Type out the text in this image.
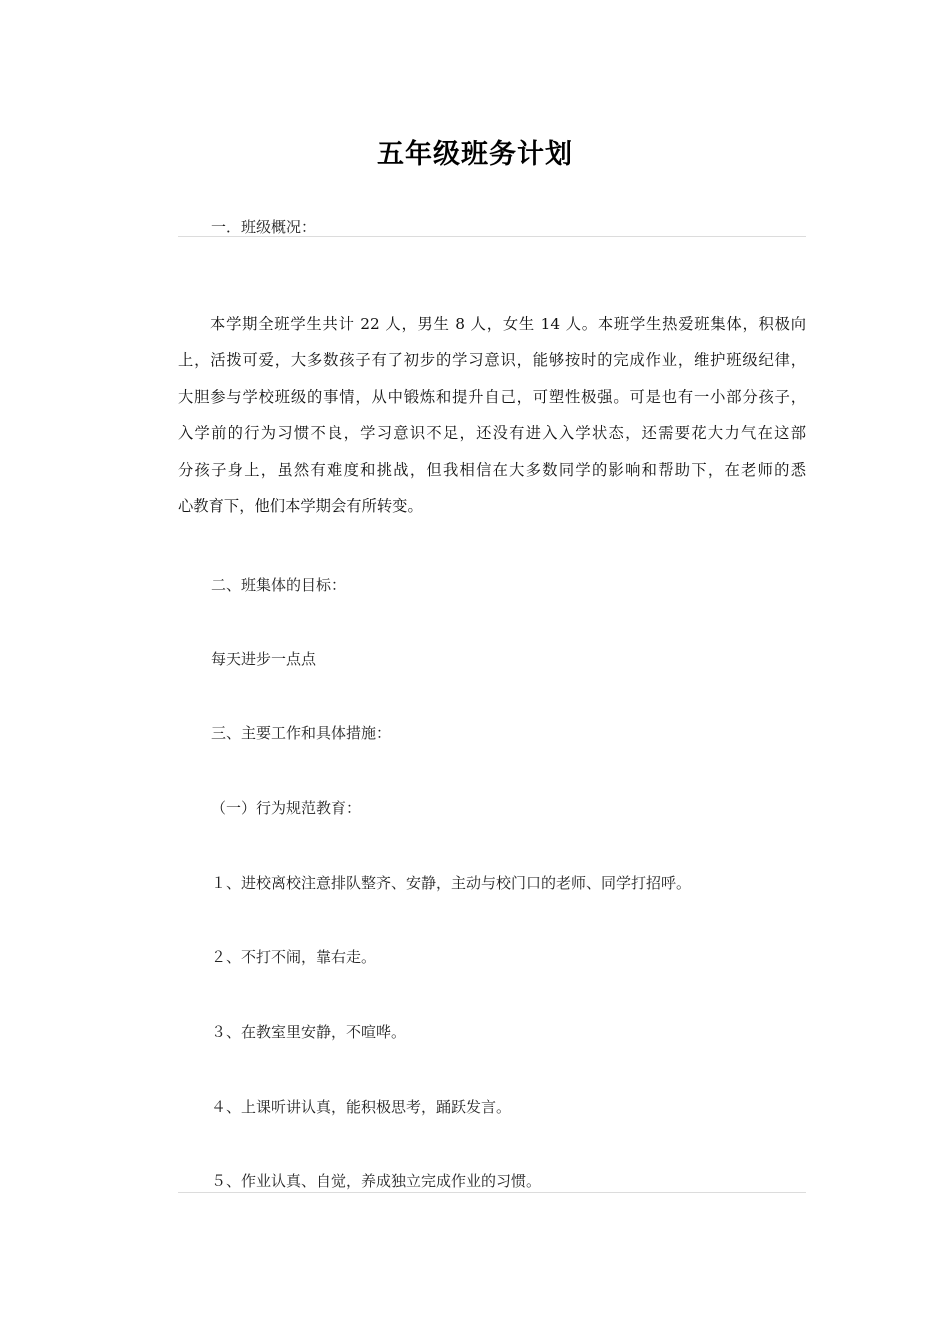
五年级班务计划
一．班级概况：
本学期全班学生共计 22 人，男生 8 人，女生 14 人。本班学生热爱班集体，积极向
上，活拨可爱，大多数孩子有了初步的学习意识，能够按时的完成作业，维护班级纪律，
大胆参与学校班级的事情，从中锻炼和提升自己，可塑性极强。可是也有一小部分孩子，
入学前的行为习惯不良，学习意识不足，还没有进入入学状态，还需要花大力气在这部
分孩子身上，虽然有难度和挑战，但我相信在大多数同学的影响和帮助下，在老师的悉
心教育下，他们本学期会有所转变。
二、班集体的目标：
每天进步一点点
三、主要工作和具体措施：
（一）行为规范教育：
１、进校离校注意排队整齐、安静，主动与校门口的老师、同学打招呼。
２、不打不闹，靠右走。
３、在教室里安静，不喧哗。
４、上课听讲认真，能积极思考，踊跃发言。
５、作业认真、自觉，养成独立完成作业的习惯。
